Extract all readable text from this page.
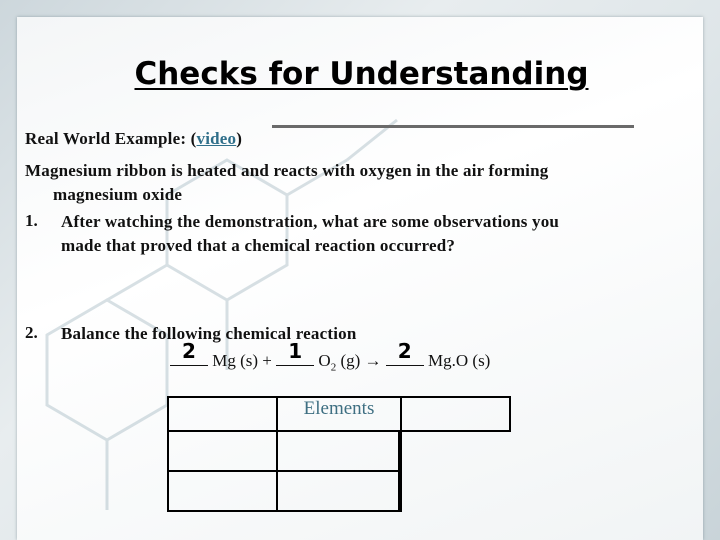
Checks for Understanding
Real World Example: (video)
Magnesium ribbon is heated and reacts with oxygen in the air forming
magnesium oxide
1. After watching the demonstration, what are some observations you
made that proved that a chemical reaction occurred?
2. Balance the following chemical reaction
2 Mg (s) + 1 $O_2$ (g) → 2 Mg.O (s)
	Elements		
